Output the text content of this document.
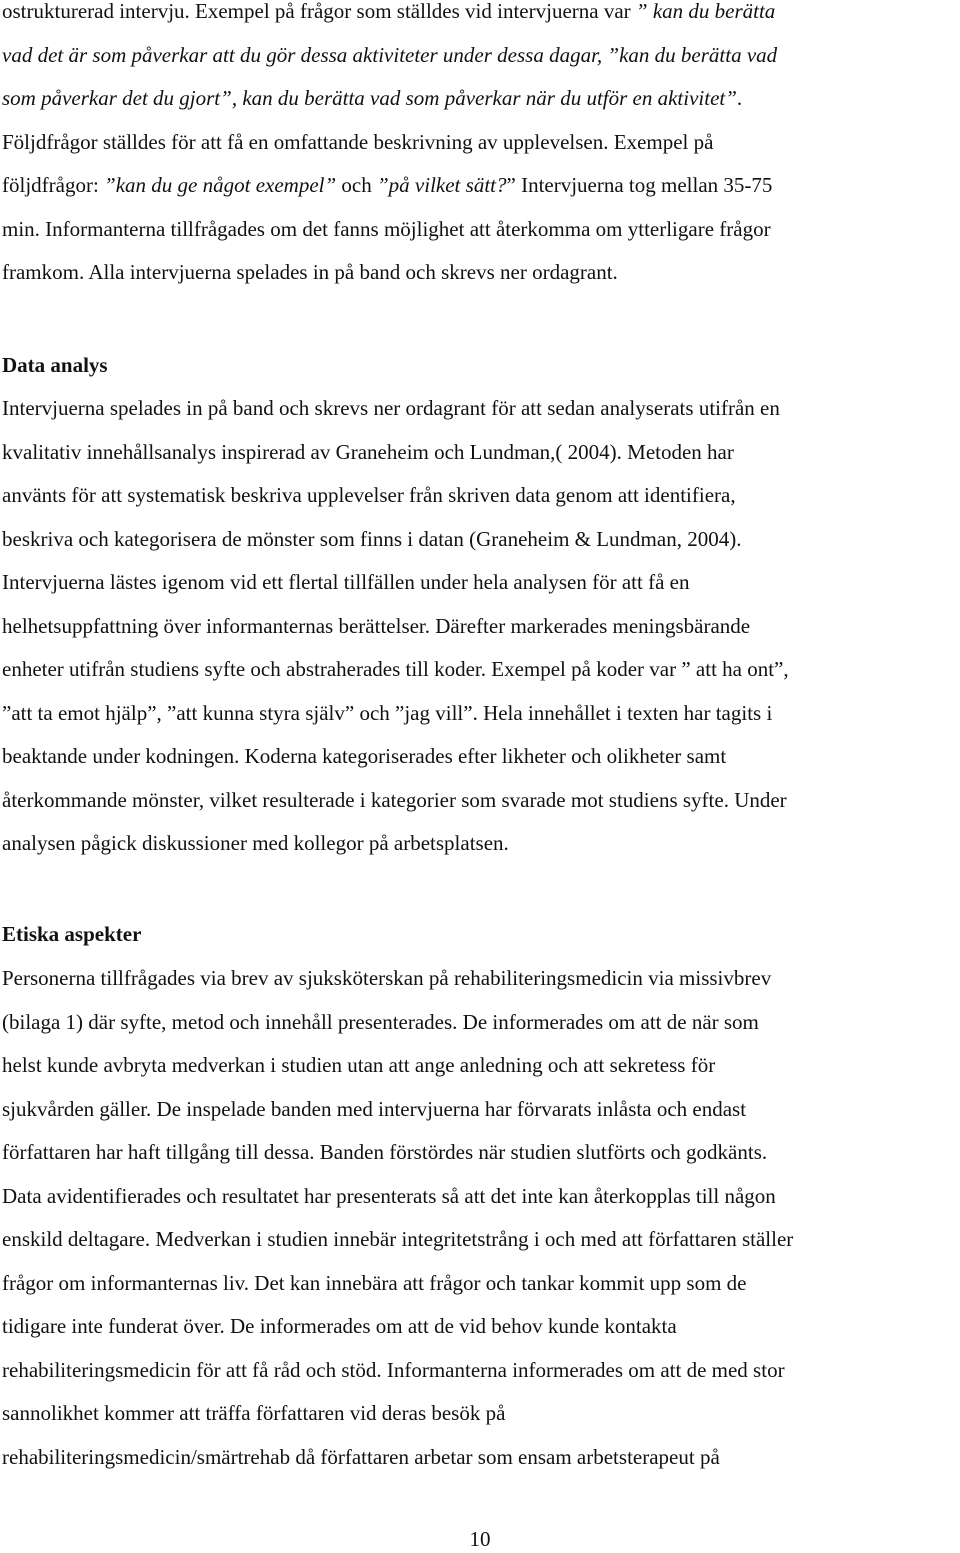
ostrukturerad intervju. Exempel på frågor som ställdes vid intervjuerna var ” kan du berätta
vad det är som påverkar att du gör dessa aktiviteter under dessa dagar, ”kan du berätta vad
som påverkar det du gjort”, kan du berätta vad som påverkar när du utför en aktivitet”.
Följdfrågor ställdes för att få en omfattande beskrivning av upplevelsen. Exempel på
följdfrågor: ”kan du ge något exempel” och ”på vilket sätt?” Intervjuerna tog mellan 35-75
min. Informanterna tillfrågades om det fanns möjlighet att återkomma om ytterligare frågor
framkom. Alla intervjuerna spelades in på band och skrevs ner ordagrant.
Data analys
Intervjuerna spelades in på band och skrevs ner ordagrant för att sedan analyserats utifrån en
kvalitativ innehållsanalys inspirerad av Graneheim och Lundman,( 2004). Metoden har
använts för att systematisk beskriva upplevelser från skriven data genom att identifiera,
beskriva och kategorisera de mönster som finns i datan (Graneheim & Lundman, 2004).
Intervjuerna lästes igenom vid ett flertal tillfällen under hela analysen för att få en
helhetsuppfattning över informanternas berättelser. Därefter markerades meningsbärande
enheter utifrån studiens syfte och abstraherades till koder. Exempel på koder var ” att ha ont”,
”att ta emot hjälp”, ”att kunna styra själv” och ”jag vill”. Hela innehållet i texten har tagits i
beaktande under kodningen. Koderna kategoriserades efter likheter och olikheter samt
återkommande mönster, vilket resulterade i kategorier som svarade mot studiens syfte. Under
analysen pågick diskussioner med kollegor på arbetsplatsen.
Etiska aspekter
Personerna tillfrågades via brev av sjuksköterskan på rehabiliteringsmedicin via missivbrev
(bilaga 1) där syfte, metod och innehåll presenterades. De informerades om att de när som
helst kunde avbryta medverkan i studien utan att ange anledning och att sekretess för
sjukvården gäller. De inspelade banden med intervjuerna har förvarats inlåsta och endast
författaren har haft tillgång till dessa. Banden förstördes när studien slutförts och godkänts.
Data avidentifierades och resultatet har presenterats så att det inte kan återkopplas till någon
enskild deltagare. Medverkan i studien innebär integritetstrång i och med att författaren ställer
frågor om informanternas liv. Det kan innebära att frågor och tankar kommit upp som de
tidigare inte funderat över. De informerades om att de vid behov kunde kontakta
rehabiliteringsmedicin för att få råd och stöd. Informanterna informerades om att de med stor
sannolikhet kommer att träffa författaren vid deras besök på
rehabiliteringsmedicin/smärtrehab då författaren arbetar som ensam arbetsterapeut på
10
